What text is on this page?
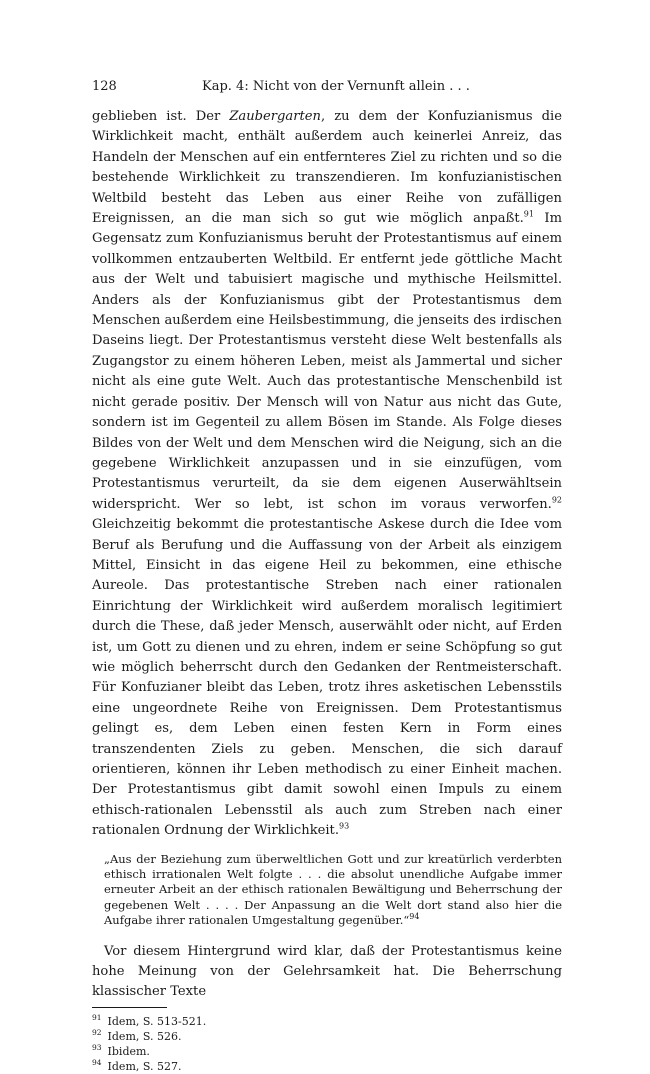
128	Kap. 4: Nicht von der Vernunft allein . . .

geblieben ist. Der Zaubergarten, zu dem der Konfuzianismus die Wirklichkeit macht, enthält außerdem auch keinerlei Anreiz, das Handeln der Menschen auf ein entfernteres Ziel zu richten und so die bestehende Wirklichkeit zu transzendieren. Im konfuzianistischen Weltbild besteht das Leben aus einer Reihe von zufälligen Ereignissen, an die man sich so gut wie möglich anpaßt.$^{91}$ Im Gegensatz zum Konfuzianismus beruht der Protestantismus auf einem vollkommen entzauberten Weltbild. Er entfernt jede göttliche Macht aus der Welt und tabuisiert magische und mythische Heilsmittel. Anders als der Konfuzianismus gibt der Protestantismus dem Menschen außerdem eine Heilsbestimmung, die jenseits des irdischen Daseins liegt. Der Protestantismus versteht diese Welt bestenfalls als Zugangstor zu einem höheren Leben, meist als Jammertal und sicher nicht als eine gute Welt. Auch das protestantische Menschenbild ist nicht gerade positiv. Der Mensch will von Natur aus nicht das Gute, sondern ist im Gegenteil zu allem Bösen im Stande. Als Folge dieses Bildes von der Welt und dem Menschen wird die Neigung, sich an die gegebene Wirklichkeit anzupassen und in sie einzufügen, vom Protestantismus verurteilt, da sie dem eigenen Auserwähltsein widerspricht. Wer so lebt, ist schon im voraus verworfen.$^{92}$ Gleichzeitig bekommt die protestantische Askese durch die Idee vom Beruf als Berufung und die Auffassung von der Arbeit als einzigem Mittel, Einsicht in das eigene Heil zu bekommen, eine ethische Aureole. Das protestantische Streben nach einer rationalen Einrichtung der Wirklichkeit wird außerdem moralisch legitimiert durch die These, daß jeder Mensch, auserwählt oder nicht, auf Erden ist, um Gott zu dienen und zu ehren, indem er seine Schöpfung so gut wie möglich beherrscht durch den Gedanken der Rentmeisterschaft. Für Konfuzianer bleibt das Leben, trotz ihres asketischen Lebensstils eine ungeordnete Reihe von Ereignissen. Dem Protestantismus gelingt es, dem Leben einen festen Kern in Form eines transzendenten Ziels zu geben. Menschen, die sich darauf orientieren, können ihr Leben methodisch zu einer Einheit machen. Der Protestantismus gibt damit sowohl einen Impuls zu einem ethisch-rationalen Lebensstil als auch zum Streben nach einer rationalen Ordnung der Wirklichkeit.$^{93}$

„Aus der Beziehung zum überweltlichen Gott und zur kreatürlich verderbten ethisch irrationalen Welt folgte . . . die absolut unendliche Aufgabe immer erneuter Arbeit an der ethisch rationalen Bewältigung und Beherrschung der gegebenen Welt . . . . Der Anpassung an die Welt dort stand also hier die Aufgabe ihrer rationalen Umgestaltung gegenüber.“$^{94}$

Vor diesem Hintergrund wird klar, daß der Protestantismus keine hohe Meinung von der Gelehrsamkeit hat. Die Beherrschung klassischer Texte

$^{91}$ Idem, S. 513-521.
$^{92}$ Idem, S. 526.
$^{93}$ Ibidem.
$^{94}$ Idem, S. 527.
